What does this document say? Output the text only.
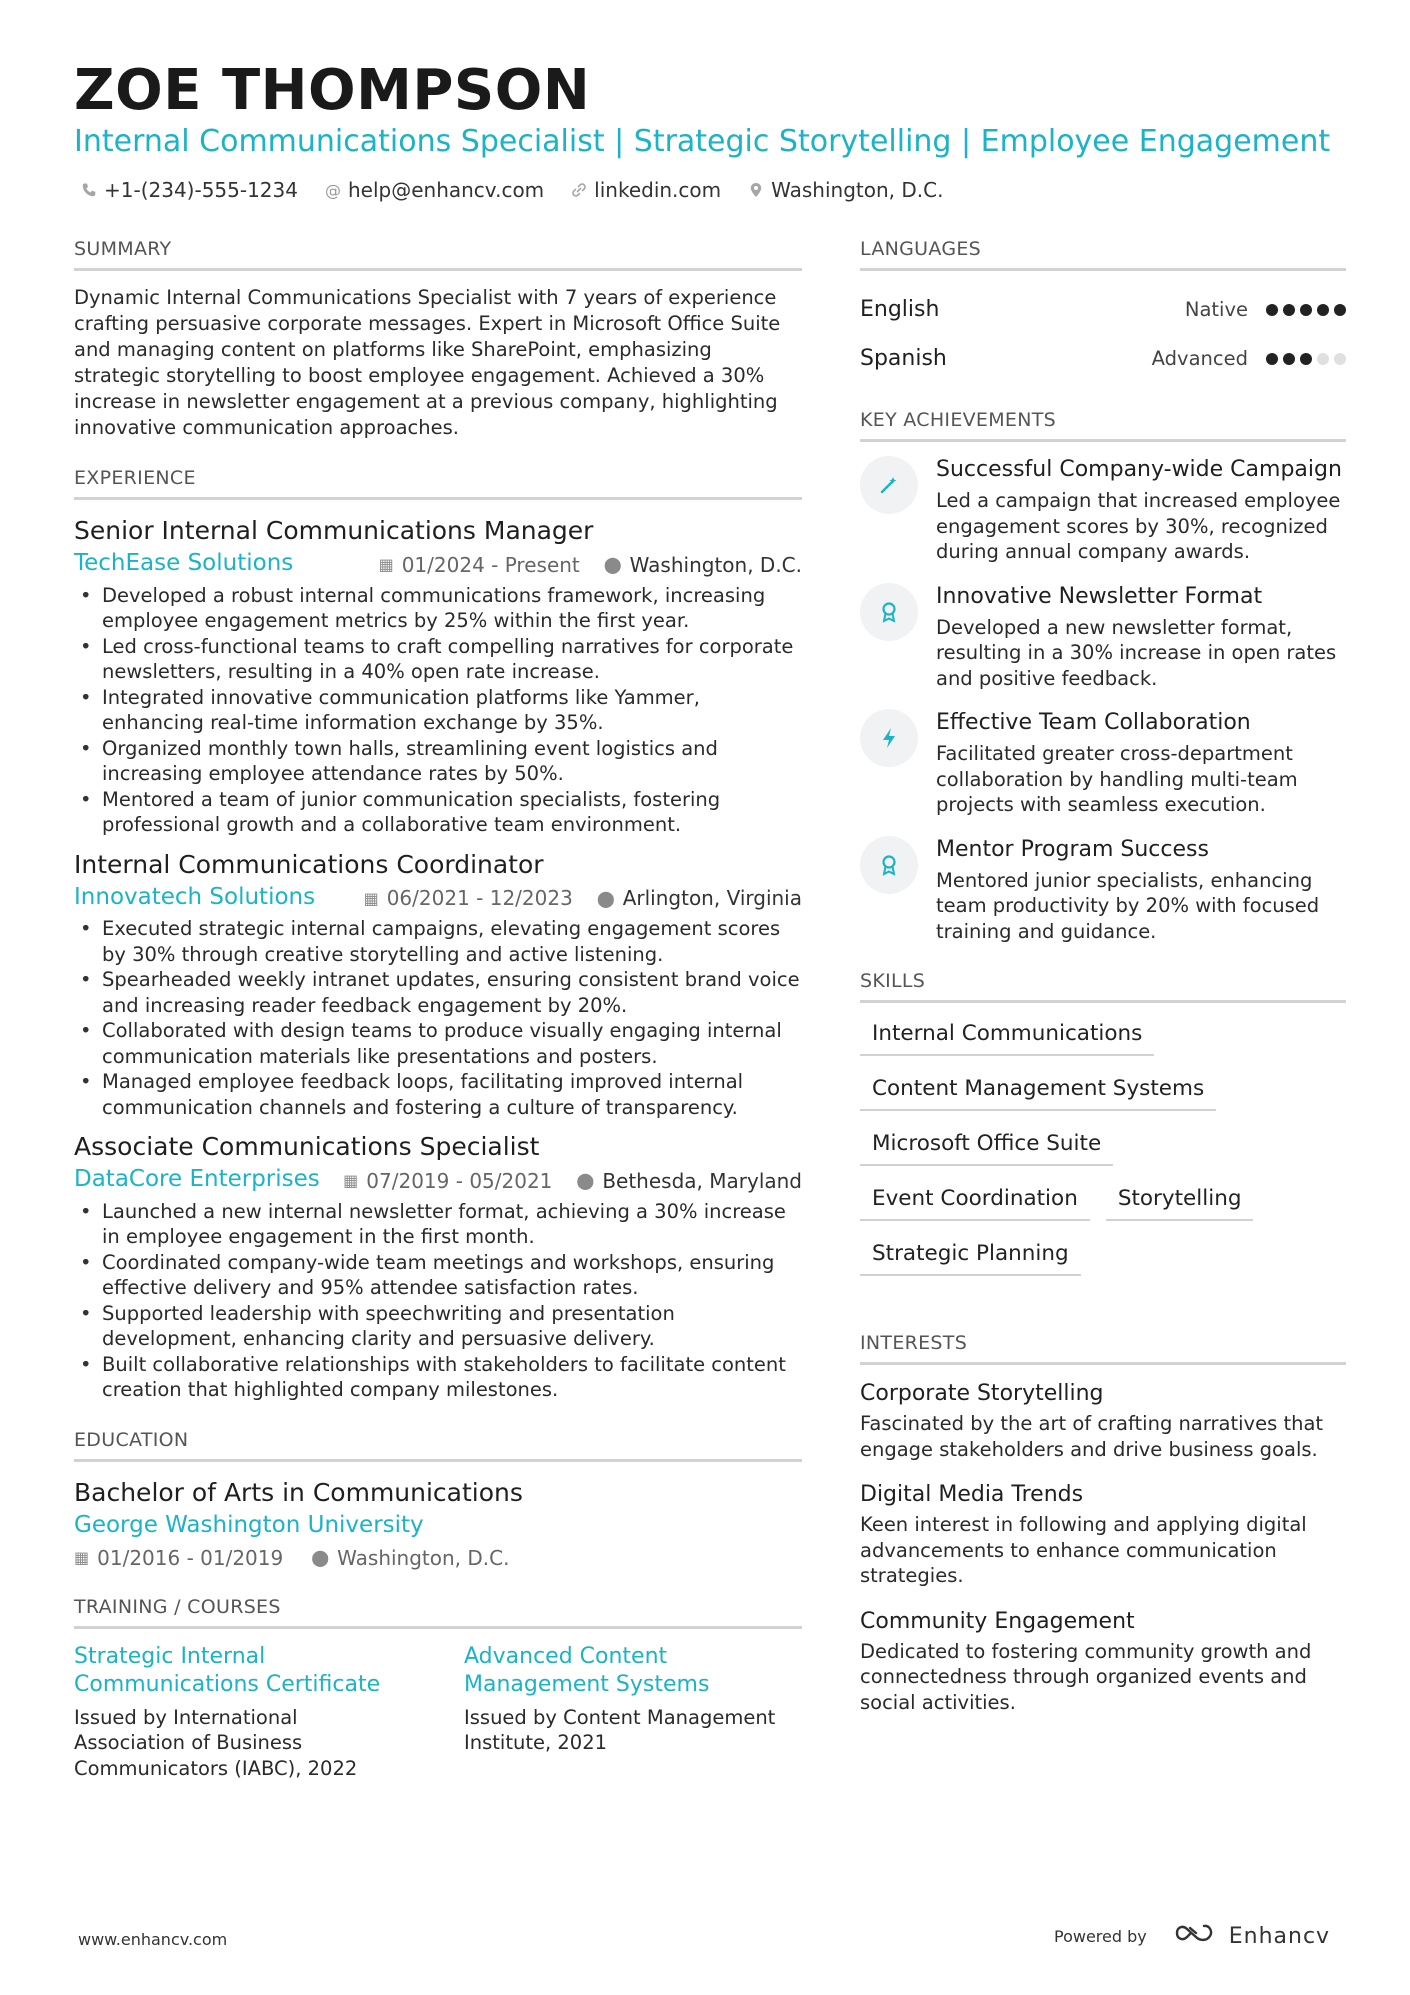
ZOE THOMPSON
Internal Communications Specialist | Strategic Storytelling | Employee Engagement
+1-(234)-555-1234 @ help@enhancv.com	linkedin.com	Washington, D.C.
SUMMARY
Dynamic Internal Communications Specialist with 7 years of experience crafting persuasive corporate messages. Expert in Microsoft Office Suite and managing content on platforms like SharePoint, emphasizing strategic storytelling to boost employee engagement. Achieved a 30% increase in newsletter engagement at a previous company, highlighting innovative communication approaches.
EXPERIENCE
Senior Internal Communications Manager
TechEase Solutions	▦ 01/2024 - Present ⬤ Washington, D.C.
• Developed a robust internal communications framework, increasing employee engagement metrics by 25% within the first year.
• Led cross-functional teams to craft compelling narratives for corporate newsletters, resulting in a 40% open rate increase.
• Integrated innovative communication platforms like Yammer, enhancing real-time information exchange by 35%.
• Organized monthly town halls, streamlining event logistics and increasing employee attendance rates by 50%.
• Mentored a team of junior communication specialists, fostering professional growth and a collaborative team environment.
Internal Communications Coordinator
Innovatech Solutions	▦ 06/2021 - 12/2023 ⬤ Arlington, Virginia
• Executed strategic internal campaigns, elevating engagement scores by 30% through creative storytelling and active listening.
• Spearheaded weekly intranet updates, ensuring consistent brand voice and increasing reader feedback engagement by 20%.
• Collaborated with design teams to produce visually engaging internal communication materials like presentations and posters.
• Managed employee feedback loops, facilitating improved internal communication channels and fostering a culture of transparency.
Associate Communications Specialist
DataCore Enterprises ▦ 07/2019 - 05/2021 ⬤ Bethesda, Maryland
• Launched a new internal newsletter format, achieving a 30% increase in employee engagement in the first month.
• Coordinated company-wide team meetings and workshops, ensuring effective delivery and 95% attendee satisfaction rates.
• Supported leadership with speechwriting and presentation development, enhancing clarity and persuasive delivery.
• Built collaborative relationships with stakeholders to facilitate content creation that highlighted company milestones.
EDUCATION
Bachelor of Arts in Communications
George Washington University
▦ 01/2016 - 01/2019 ⬤ Washington, D.C.
TRAINING / COURSES
Strategic Internal Communications Certificate
Issued by International Association of Business Communicators (IABC), 2022
Advanced Content Management Systems
Issued by Content Management Institute, 2021
LANGUAGES
English	Native
Spanish	Advanced
KEY ACHIEVEMENTS
Successful Company-wide Campaign
Led a campaign that increased employee engagement scores by 30%, recognized during annual company awards.
Innovative Newsletter Format
Developed a new newsletter format, resulting in a 30% increase in open rates and positive feedback.
Effective Team Collaboration
Facilitated greater cross-department collaboration by handling multi-team projects with seamless execution.
Mentor Program Success
Mentored junior specialists, enhancing team productivity by 20% with focused training and guidance.
SKILLS
Internal Communications
Content Management Systems
Microsoft Office Suite
Event Coordination	Storytelling
Strategic Planning
INTERESTS
Corporate Storytelling
Fascinated by the art of crafting narratives that engage stakeholders and drive business goals.
Digital Media Trends
Keen interest in following and applying digital advancements to enhance communication strategies.
Community Engagement
Dedicated to fostering community growth and connectedness through organized events and social activities.
www.enhancv.com	Powered by	Enhancv
